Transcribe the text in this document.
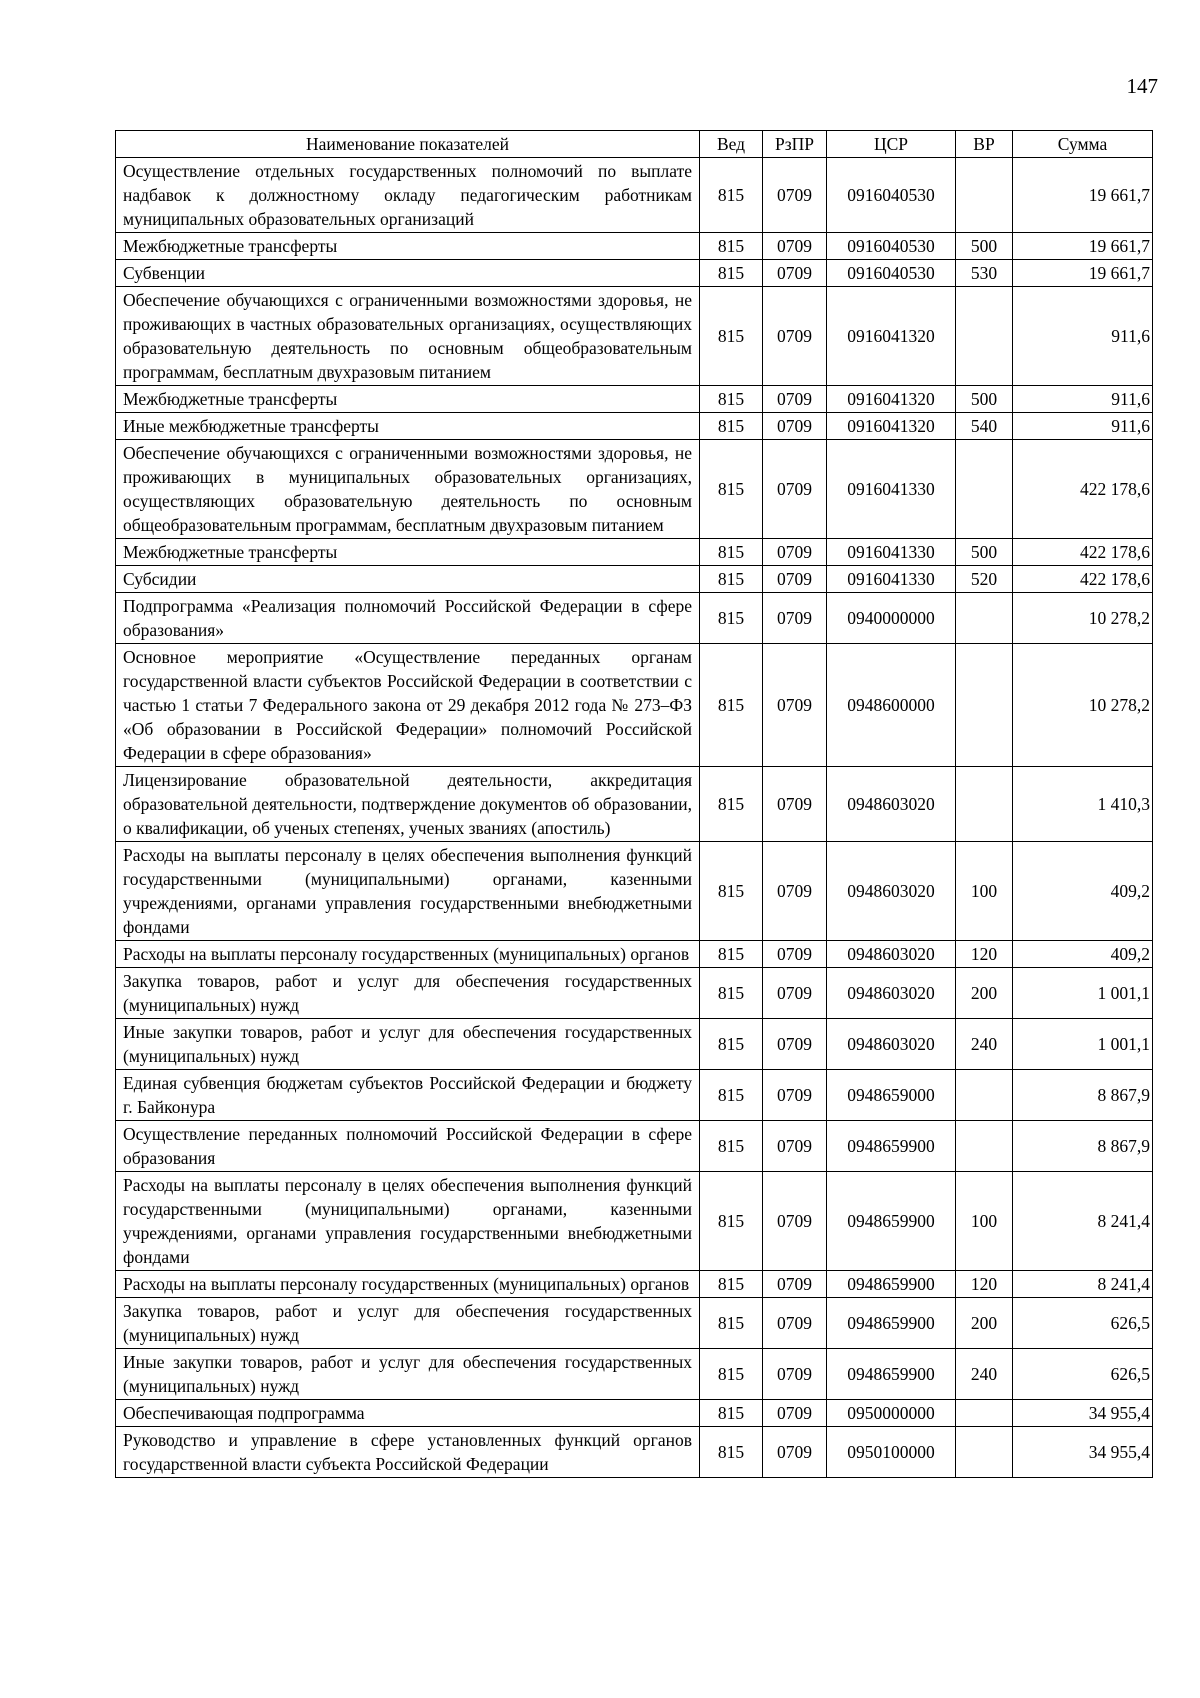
147
Наименование показателей	Вед	РзПР	ЦСР	ВР	Сумма
Осуществление отдельных государственных полномочий по выплате надбавок к должностному окладу педагогическим работникам муниципальных образовательных организаций	815	0709	0916040530		19 661,7
Межбюджетные трансферты	815	0709	0916040530	500	19 661,7
Субвенции	815	0709	0916040530	530	19 661,7
Обеспечение обучающихся с ограниченными возможностями здоровья, не проживающих в частных образовательных организациях, осуществляющих образовательную деятельность по основным общеобразовательным программам, бесплатным двухразовым питанием	815	0709	0916041320		911,6
Межбюджетные трансферты	815	0709	0916041320	500	911,6
Иные межбюджетные трансферты	815	0709	0916041320	540	911,6
Обеспечение обучающихся с ограниченными возможностями здоровья, не проживающих в муниципальных образовательных организациях, осуществляющих образовательную деятельность по основным общеобразовательным программам, бесплатным двухразовым питанием	815	0709	0916041330		422 178,6
Межбюджетные трансферты	815	0709	0916041330	500	422 178,6
Субсидии	815	0709	0916041330	520	422 178,6
Подпрограмма «Реализация полномочий Российской Федерации в сфере образования»	815	0709	0940000000		10 278,2
Основное мероприятие «Осуществление переданных органам государственной власти субъектов Российской Федерации в соответствии с частью 1 статьи 7 Федерального закона от 29 декабря 2012 года № 273–ФЗ «Об образовании в Российской Федерации» полномочий Российской Федерации в сфере образования»	815	0709	0948600000		10 278,2
Лицензирование образовательной деятельности, аккредитация образовательной деятельности, подтверждение документов об образовании, о квалификации, об ученых степенях, ученых званиях (апостиль)	815	0709	0948603020		1 410,3
Расходы на выплаты персоналу в целях обеспечения выполнения функций государственными (муниципальными) органами, казенными учреждениями, органами управления государственными внебюджетными фондами	815	0709	0948603020	100	409,2
Расходы на выплаты персоналу государственных (муниципальных) органов	815	0709	0948603020	120	409,2
Закупка товаров, работ и услуг для обеспечения государственных (муниципальных) нужд	815	0709	0948603020	200	1 001,1
Иные закупки товаров, работ и услуг для обеспечения государственных (муниципальных) нужд	815	0709	0948603020	240	1 001,1
Единая субвенция бюджетам субъектов Российской Федерации и бюджету г. Байконура	815	0709	0948659000		8 867,9
Осуществление переданных полномочий Российской Федерации в сфере образования	815	0709	0948659900		8 867,9
Расходы на выплаты персоналу в целях обеспечения выполнения функций государственными (муниципальными) органами, казенными учреждениями, органами управления государственными внебюджетными фондами	815	0709	0948659900	100	8 241,4
Расходы на выплаты персоналу государственных (муниципальных) органов	815	0709	0948659900	120	8 241,4
Закупка товаров, работ и услуг для обеспечения государственных (муниципальных) нужд	815	0709	0948659900	200	626,5
Иные закупки товаров, работ и услуг для обеспечения государственных (муниципальных) нужд	815	0709	0948659900	240	626,5
Обеспечивающая подпрограмма	815	0709	0950000000		34 955,4
Руководство и управление в сфере установленных функций органов государственной власти субъекта Российской Федерации	815	0709	0950100000		34 955,4
